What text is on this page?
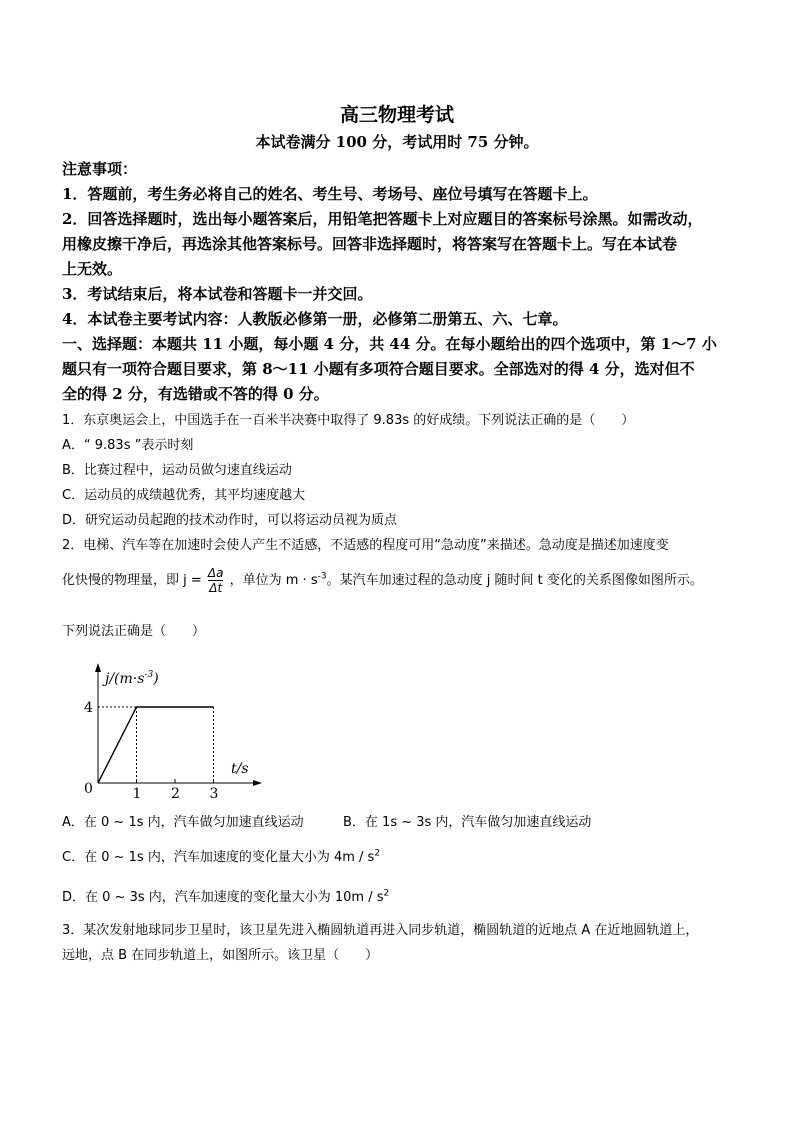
高三物理考试
本试卷满分 100 分，考试用时 75 分钟。
注意事项：
1．答题前，考生务必将自己的姓名、考生号、考场号、座位号填写在答题卡上。
2．回答选择题时，选出每小题答案后，用铅笔把答题卡上对应题目的答案标号涂黑。如需改动，
用橡皮擦干净后，再选涂其他答案标号。回答非选择题时，将答案写在答题卡上。写在本试卷
上无效。
3．考试结束后，将本试卷和答题卡一并交回。
4．本试卷主要考试内容：人教版必修第一册，必修第二册第五、六、七章。
一、选择题：本题共 11 小题，每小题 4 分，共 44 分。在每小题给出的四个选项中，第 1～7 小
题只有一项符合题目要求，第 8～11 小题有多项符合题目要求。全部选对的得 4 分，选对但不
全的得 2 分，有选错或不答的得 0 分。
1．东京奥运会上，中国选手在一百米半决赛中取得了 9.83s 的好成绩。下列说法正确的是（　　）
A．“ 9.83s ”表示时刻
B．比赛过程中，运动员做匀速直线运动
C．运动员的成绩越优秀，其平均速度越大
D．研究运动员起跑的技术动作时，可以将运动员视为质点
2．电梯、汽车等在加速时会使人产生不适感，不适感的程度可用“急动度”来描述。急动度是描述加速度变
化快慢的物理量，即 $j = \frac{\Delta a}{\Delta t}$ ，单位为 $m \cdot s^{-3}$。某汽车加速过程的急动度 j 随时间 t 变化的关系图像如图所示。
下列说法正确是（　　）
1 2 3
4
$j/(m\cdot s^{-3})$
t/s
0
A．在 0 ~ 1s 内，汽车做匀加速直线运动	B．在 1s ~ 3s 内，汽车做匀加速直线运动
C．在 0 ~ 1s 内，汽车加速度的变化量大小为 $4m / s^2$
D．在 0 ~ 3s 内，汽车加速度的变化量大小为 $10m / s^2$
3．某次发射地球同步卫星时，该卫星先进入椭圆轨道再进入同步轨道，椭圆轨道的近地点 A 在近地圆轨道上，
远地，点 B 在同步轨道上，如图所示。该卫星（　　）
